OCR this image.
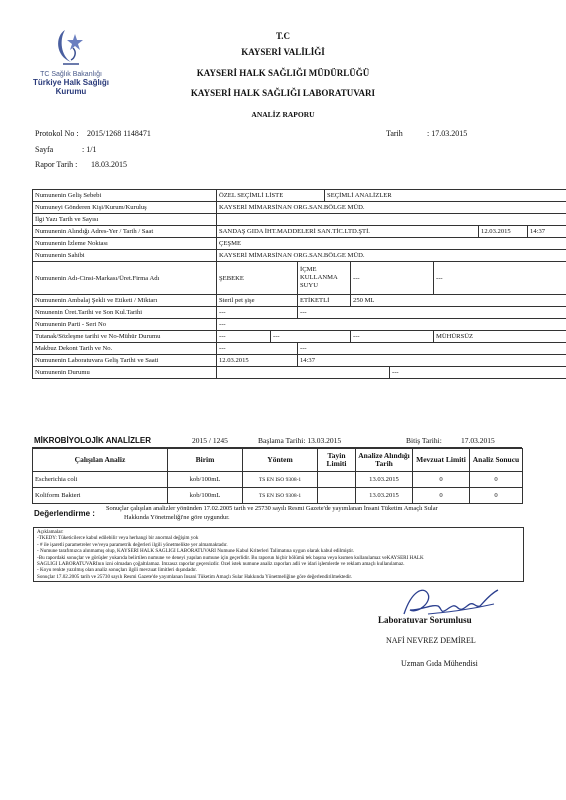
TC Sağlık Bakanlığı
Türkiye Halk Sağlığı
Kurumu
T.C
KAYSERİ VALİLİĞİ
KAYSERİ HALK SAĞLIĞI MÜDÜRLÜĞÜ
KAYSERİ HALK SAĞLIĞI LABORATUVARI
ANALİZ RAPORU
Protokol No : 2015/1268 1148471	Tarih	: 17.03.2015
Sayfa	: 1/1
Rapor Tarih : 18.03.2015
Numunenin Geliş Sebebi	ÖZEL SEÇİMLİ LİSTE			SEÇİMLİ ANALİZLER					
Numuneyi Gönderen Kişi/Kurum/Kuruluş	KAYSERİ MİMARSİNAN ORG.SAN.BÖLGE MÜD.								
İlgi Yazı Tarih ve Sayısı									
Numunenin Alındığı Adres-Yer / Tarih / Saat	SANDAŞ GIDA İHT.MADDELERİ SAN.TİC.LTD.ŞTİ.							12.03.2015	14:37
Numunenin İzleme Noktası	ÇEŞME								
Numunenin Sahibi	KAYSERİ MİMARSİNAN ORG.SAN.BÖLGE MÜD.								
Numunenin Adı-Cinsi-Markası/Üret.Firma Adı	ŞEBEKE		İÇME
KULLANMA
SUYU		---		---		
Numunenin Ambalaj Şekli ve Etiketi / Miktarı	Steril pet şişe		ETİKETLİ		250 ML				
Nmunenin Üret.Tarihi ve Son Kul.Tarihi	---		---						
Numunenin Parti - Seri No	---								
Tutanak/Sözleşme tarihi ve No-Mühür Durumu	---	---			---		MÜHÜRSÜZ		
Makbuz Dekont Tarih ve No.	---		---						
Numunenin Laboratuvara Geliş Tarihi ve Saati	12.03.2015		14:37						
Numunenin Durumu						---			
MİKROBİYOLOJİK ANALİZLER	2015 / 1245	Başlama Tarihi: 13.03.2015	Bitiş Tarihi:	17.03.2015
Çalışılan Analiz	Birim	Yöntem	Tayin Limiti	Analize Alındığı Tarih	Mevzuat Limiti	Analiz Sonucu
Escherichia coli	kob/100mL	TS EN ISO 9308-1		13.03.2015	0	0
Koliform Bakteri	kob/100mL	TS EN ISO 9308-1		13.03.2015	0	0
Değerlendirme :
Sonuçlar çalışılan analizler yönünden 17.02.2005 tarih ve 25730 sayılı Resmi Gazete'de yayımlanan İnsani Tüketim Amaçlı Sular
Hakkında Yönetmeliği'ne göre uygundur.
Açıklamalar:
-TKEDY: Tüketicilerce kabul edilebilir veya herhangi bir anormal değişim yok
- # ile işaretli parametreler ve/veya parametrik değerleri ilgili yönetmelikte yer almamaktadır.
- Numune tarafımızca alınmamış olup, KAYSERİ HALK SAĞLIĞI LABORATUVARI Numune Kabul Kriterleri Talimatına uygun olarak kabul edilmiştir.
-Bu rapordaki sonuçlar ve görüşler yukarıda belirtilen numune ve deneyi yapılan numune için geçerlidir. Bu raporun hiçbir bölümü tek başına veya kısmen kullanılamaz veKAYSERİ HALK
SAĞLIĞI LABORATUVARInın izni olmadan çoğaltılamaz. İmzasız raporlar geçersizdir. Özel istek numune analiz raporları adli ve idari işlemlerde ve reklam amaçlı kullanılamaz.
- Koyu renkte yazılmış olan analiz sonuçları ilgili mevzuat limitleri dışındadır.
Sonuçlar 17.02.2005 tarih ve 25730 sayılı Resmi Gazete'de yayımlanan İnsani Tüketim Amaçlı Sular Hakkında Yönetmeliğine göre değerlendirilmektedir.
Laboratuvar Sorumlusu
NAFİ NEVREZ DEMİREL
Uzman Gıda Mühendisi
